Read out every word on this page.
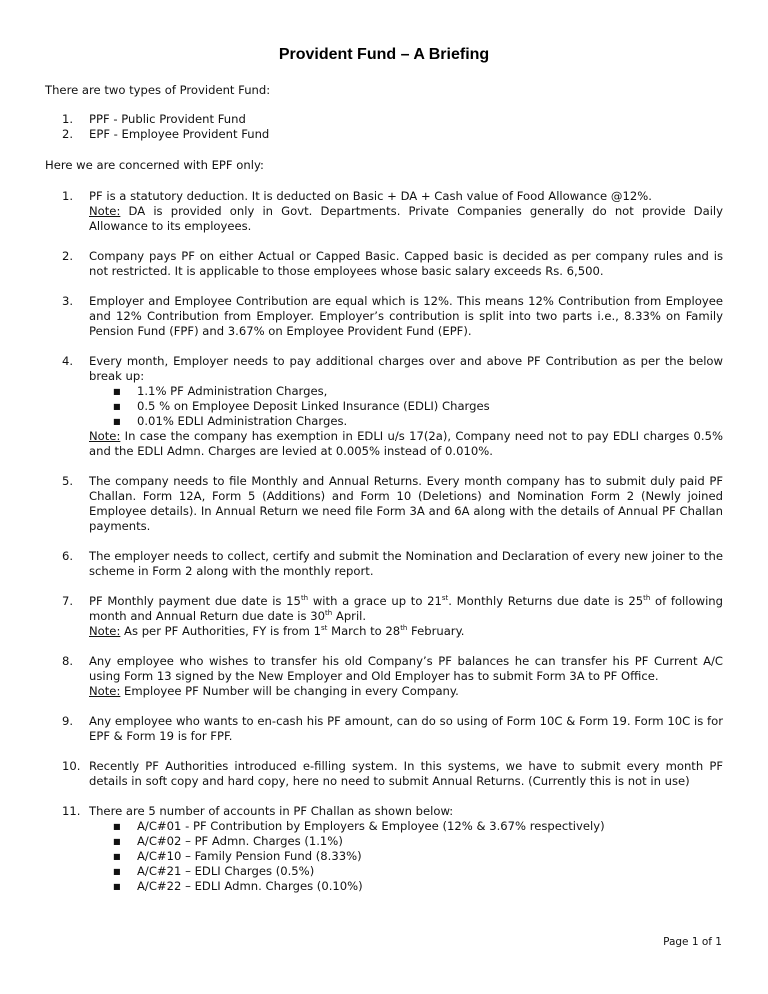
Provident Fund – A Briefing
There are two types of Provident Fund:
1.	PPF - Public Provident Fund
2.	EPF - Employee Provident Fund
Here we are concerned with EPF only:
1.	PF is a statutory deduction. It is deducted on Basic + DA + Cash value of Food Allowance @12%.

Note: DA is provided only in Govt. Departments. Private Companies generally do not provide Daily Allowance to its employees.

2.	Company pays PF on either Actual or Capped Basic. Capped basic is decided as per company rules and is not restricted. It is applicable to those employees whose basic salary exceeds Rs. 6,500.

3.	Employer and Employee Contribution are equal which is 12%. This means 12% Contribution from Employee and 12% Contribution from Employer. Employer’s contribution is split into two parts i.e., 8.33% on Family Pension Fund (FPF) and 3.67% on Employee Provident Fund (EPF).

4.	Every month, Employer needs to pay additional charges over and above PF Contribution as per the below break up:

■	1.1% PF Administration Charges,
■	0.5 % on Employee Deposit Linked Insurance (EDLI) Charges
■	0.01% EDLI Administration Charges.

Note: In case the company has exemption in EDLI u/s 17(2a), Company need not to pay EDLI charges 0.5% and the EDLI Admn. Charges are levied at 0.005% instead of 0.010%.

5.	The company needs to file Monthly and Annual Returns. Every month company has to submit duly paid PF Challan. Form 12A, Form 5 (Additions) and Form 10 (Deletions) and Nomination Form 2 (Newly joined Employee details). In Annual Return we need file Form 3A and 6A along with the details of Annual PF Challan payments.

6.	The employer needs to collect, certify and submit the Nomination and Declaration of every new joiner to the scheme in Form 2 along with the monthly report.

7.	PF Monthly payment due date is 15th with a grace up to 21st. Monthly Returns due date is 25th of following month and Annual Return due date is 30th April.

Note: As per PF Authorities, FY is from 1st March to 28th February.

8.	Any employee who wishes to transfer his old Company’s PF balances he can transfer his PF Current A/C using Form 13 signed by the New Employer and Old Employer has to submit Form 3A to PF Office.

Note: Employee PF Number will be changing in every Company.

9.	Any employee who wants to en-cash his PF amount, can do so using of Form 10C & Form 19. Form 10C is for EPF & Form 19 is for FPF.

10. Recently PF Authorities introduced e-filling system. In this systems, we have to submit every month PF details in soft copy and hard copy, here no need to submit Annual Returns. (Currently this is not in use)

11. There are 5 number of accounts in PF Challan as shown below:

■	A/C#01 - PF Contribution by Employers & Employee (12% & 3.67% respectively)
■	A/C#02 – PF Admn. Charges (1.1%)
■	A/C#10 – Family Pension Fund (8.33%)
■	A/C#21 – EDLI Charges (0.5%)
■	A/C#22 – EDLI Admn. Charges (0.10%)
Page 1 of 1
